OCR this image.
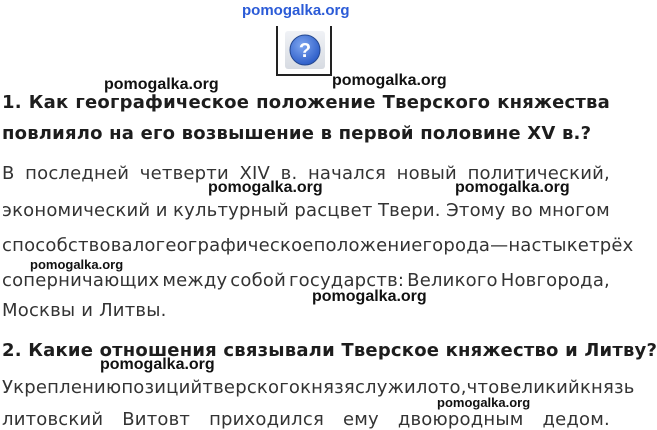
pomogalka.org
pomogalka.org	pomogalka.org
pomogalka.org	pomogalka.org
pomogalka.org
pomogalka.org
pomogalka.org
pomogalka.org
?
1. Как географическое положение Тверского княжества
повлияло на его возвышение в первой половине XV в.?
В последней четверти XIV в. начался новый политический,
экономический и культурный расцвет Твери. Этому во многом
способствовало географическое положение города — на стыке трёх
соперничающих между собой государств: Великого Новгорода,
Москвы и Литвы.
2. Какие отношения связывали Тверское княжество и Литву?
Укреплению позиций тверского князя служило то, что великий князь
литовский Витовт приходился ему двоюродным дедом.
